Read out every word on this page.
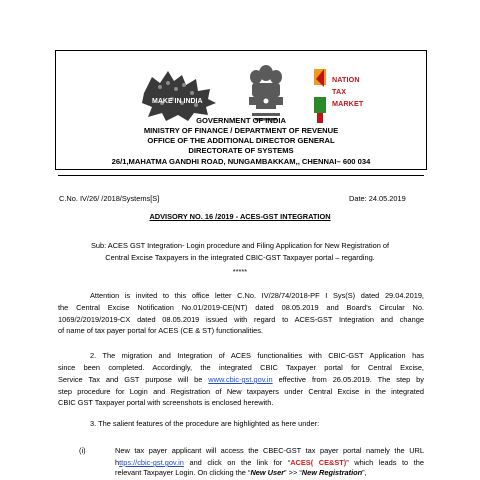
MAKE IN INDIA
NATION
TAX
MARKET
GOVERNMENT OF INDIA
MINISTRY OF FINANCE / DEPARTMENT OF REVENUE
OFFICE OF THE ADDITIONAL DIRECTOR GENERAL
DIRECTORATE OF SYSTEMS
26/1,MAHATMA GANDHI ROAD, NUNGAMBAKKAM,, CHENNAI– 600 034
C.No. IV/26/ /2018/Systems[S]	Date: 24.05.2019
ADVISORY NO. 16 /2019 - ACES-GST INTEGRATION
Sub: ACES GST Integration- Login procedure and Filing Application for New Registration of
Central Excise Taxpayers in the integrated CBIC-GST Taxpayer portal – regarding.
*****
Attention is invited to this office letter C.No. IV/28/74/2018-PF I Sys(S) dated 29.04.2019,
the Central Excise Notification No.01/2019-CE(NT) dated 08.05.2019 and Board's Circular No.
1069/2/2019/2019-CX dated 08.05.2019 issued with regard to ACES-GST Integration and change
of name of tax payer portal for ACES (CE & ST) functionalities.
2. The migration and Integration of ACES functionalities with CBIC-GST Application has
since been completed. Accordingly, the integrated CBIC Taxpayer portal for Central Excise,
Service Tax and GST purpose will be www.cbic-gst.gov.in effective from 26.05.2019. The step by
step procedure for Login and Registration of New taxpayers under Central Excise in the integrated
CBIC GST Taxpayer portal with screenshots is enclosed herewith.
3. The salient features of the procedure are highlighted as here under:
(i)	New tax payer applicant will access the CBEC-GST tax payer portal namely the URL
https://cbic-gst.gov.in and click on the link for “ACES( CE&ST)” which leads to the
relevant Taxpayer Login. On clicking the “New User” >> “New Registration”,
